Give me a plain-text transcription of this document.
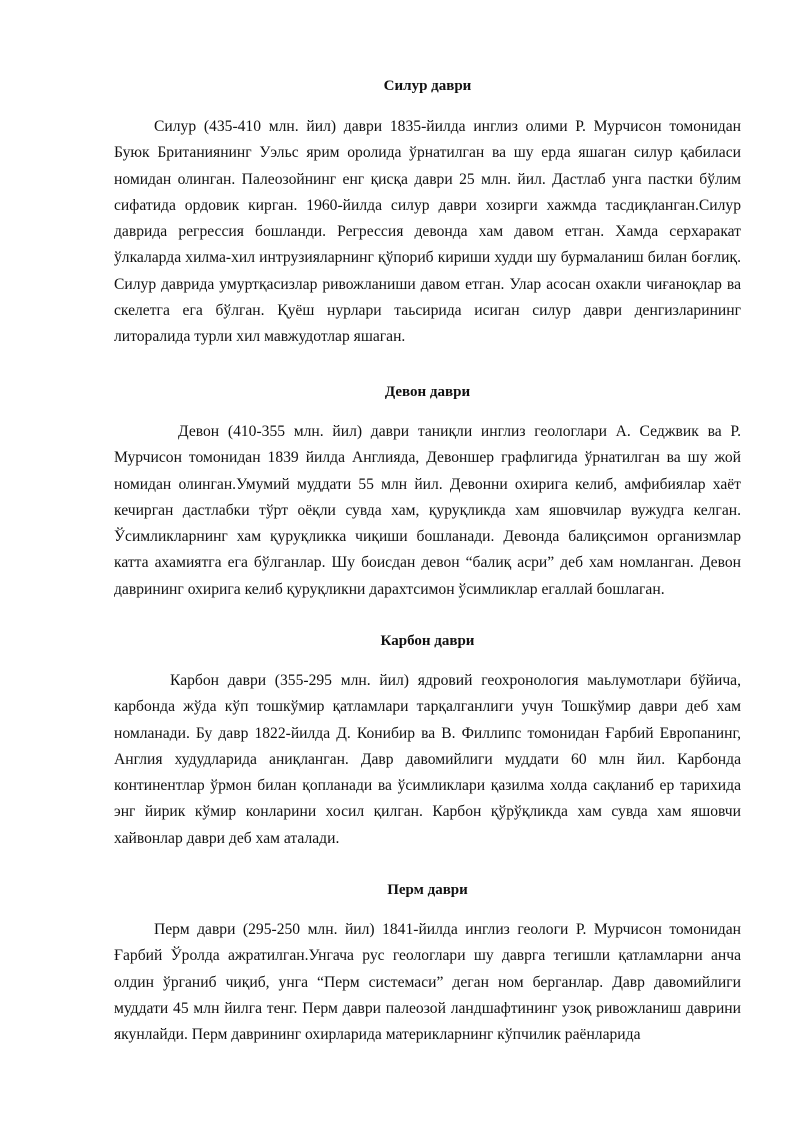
Силур даври

Силур (435-410 млн. йил) даври 1835-йилда инглиз олими Р. Мурчисон томонидан Буюк Британиянинг Уэльс ярим оролида ўрнатилган ва шу ерда яшаган силур қабиласи номидан олинган. Палеозойнинг енг қисқа даври 25 млн. йил. Дастлаб унга пастки бўлим сифатида ордовик кирган. 1960-йилда силур даври хозирги хажмда тасдиқланган.Силур даврида регрессия бошланди. Регрессия девонда хам давом етган. Хамда серхаракат ўлкаларда хилма-хил интрузияларнинг қўпориб кириши худди шу бурмаланиш билан боғлиқ. Силур даврида умуртқасизлар ривожланиши давом етган. Улар асосан охакли чиғаноқлар ва скелетга ега бўлган. Қуёш нурлари таьсирида исиган силур даври денгизларининг литоралида турли хил мавжудотлар яшаган.

Девон даври

Девон (410-355 млн. йил) даври таниқли инглиз геологлари А. Седжвик ва Р. Мурчисон томонидан 1839 йилда Англияда, Девоншер графлигида ўрнатилган ва шу жой номидан олинган.Умумий муддати 55 млн йил. Девонни охирига келиб, амфибиялар хаёт кечирган дастлабки тўрт оёқли сувда хам, қуруқликда хам яшовчилар вужудга келган. Ўсимликларнинг хам қуруқликка чиқиши бошланади. Девонда балиқсимон организмлар катта ахамиятга ега бўлганлар. Шу боисдан девон “балиқ асри” деб хам номланган. Девон даврининг охирига келиб қуруқликни дарахтсимон ўсимликлар егаллай бошлаган.

Карбон даври

Карбон даври (355-295 млн. йил) ядровий геохронология маьлумотлари бўйича, карбонда жўда кўп тошкўмир қатламлари тарқалганлиги учун Тошкўмир даври деб хам номланади. Бу давр 1822-йилда Д. Конибир ва В. Филлипс томонидан Ғарбий Европанинг, Англия худудларида аниқланган. Давр давомийлиги муддати 60 млн йил. Карбонда континентлар ўрмон билан қопланади ва ўсимликлари қазилма холда сақланиб ер тарихида энг йирик кўмир конларини хосил қилган. Карбон қўрўқликда хам сувда хам яшовчи хайвонлар даври деб хам аталади.

Перм даври

Перм даври (295-250 млн. йил) 1841-йилда инглиз геологи Р. Мурчисон томонидан Ғарбий Ўролда ажратилган.Унгача рус геологлари шу даврга тегишли қатламларни анча олдин ўрганиб чиқиб, унга “Перм системаси” деган ном берганлар. Давр давомийлиги муддати 45 млн йилга тенг. Перм даври палеозой ландшафтининг узоқ ривожланиш даврини якунлайди. Перм даврининг охирларида материкларнинг кўпчилик раёнларида
